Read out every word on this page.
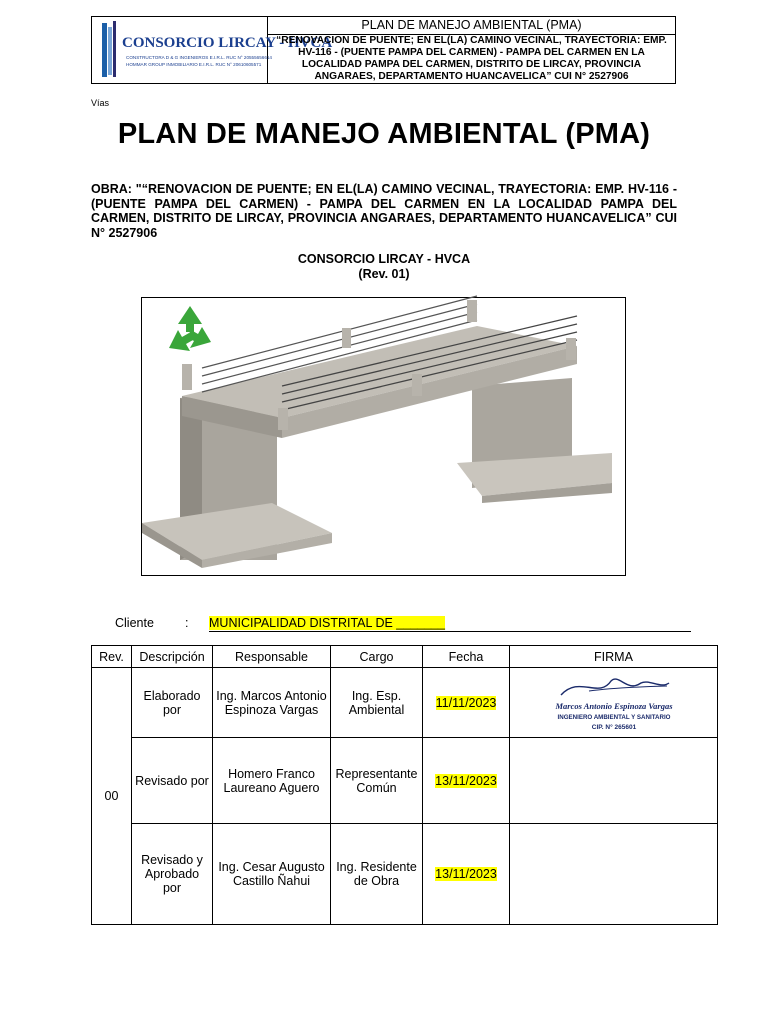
CONSORCIO LIRCAY - HVCA
CONSTRUCTORA D & G INGENIEROS E.I.R.L. RUC N° 20555656614
HOMMAR GROUP INMOBILIARIO E.I.R.L. RUC N° 20610605571
PLAN DE MANEJO AMBIENTAL (PMA)
“RENOVACION DE PUENTE; EN EL(LA) CAMINO VECINAL, TRAYECTORIA: EMP. HV-116 - (PUENTE PAMPA DEL CARMEN) - PAMPA DEL CARMEN EN LA LOCALIDAD PAMPA DEL CARMEN, DISTRITO DE LIRCAY, PROVINCIA ANGARAES, DEPARTAMENTO HUANCAVELICA” CUI N° 2527906
Vías
PLAN DE MANEJO AMBIENTAL (PMA)
OBRA: "“RENOVACION DE PUENTE; EN EL(LA) CAMINO VECINAL, TRAYECTORIA: EMP. HV-116 - (PUENTE PAMPA DEL CARMEN) - PAMPA DEL CARMEN EN LA LOCALIDAD PAMPA DEL CARMEN, DISTRITO DE LIRCAY, PROVINCIA ANGARAES, DEPARTAMENTO HUANCAVELICA” CUI N° 2527906
CONSORCIO LIRCAY - HVCA
(Rev. 01)
Cliente : MUNICIPALIDAD DISTRITAL DE _______
Rev.	Descripción	Responsable	Cargo	Fecha	FIRMA
00	Elaborado por	Ing. Marcos Antonio Espinoza Vargas	Ing. Esp. Ambiental	11/11/2023	Marcos Antonio Espinoza Vargas
INGENIERO AMBIENTAL Y SANITARIO
CIP. N° 265601

	Revisado por	Homero Franco Laureano Aguero	Representante Común	13/11/2023	
	Revisado y Aprobado por	Ing. Cesar Augusto Castillo Ñahui	Ing. Residente de Obra	13/11/2023	
